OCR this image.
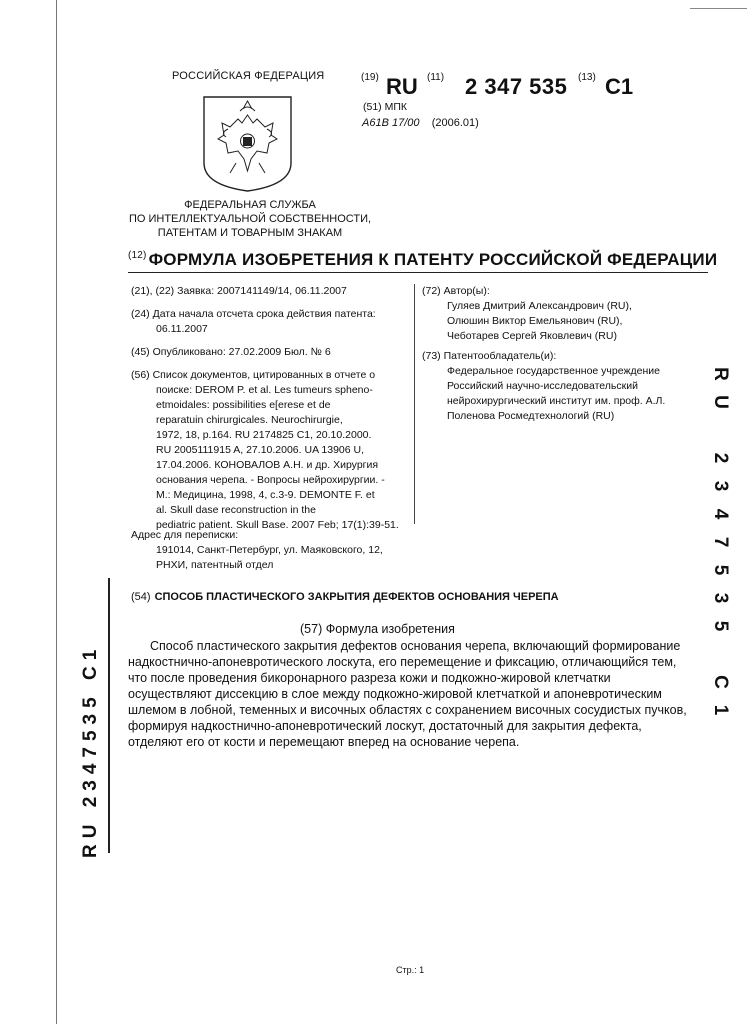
РОССИЙСКАЯ ФЕДЕРАЦИЯ	(19) RU (11) 2 347 535 (13) C1
(51) МПК
A61B 17/00 (2006.01)
ФЕДЕРАЛЬНАЯ СЛУЖБА
ПО ИНТЕЛЛЕКТУАЛЬНОЙ СОБСТВЕННОСТИ,
ПАТЕНТАМ И ТОВАРНЫМ ЗНАКАМ
$^{(12)}$ ФОРМУЛА ИЗОБРЕТЕНИЯ К ПАТЕНТУ РОССИЙСКОЙ ФЕДЕРАЦИИ
(21), (22) Заявка: 2007141149/14, 06.11.2007
(24) Дата начала отсчета срока действия патента:
06.11.2007
(45) Опубликовано: 27.02.2009 Бюл. № 6
(56) Список документов, цитированных в отчете о
поиске: DEROM P. et al. Les tumeurs spheno-
etmoidales: possibilities e[erese et de
reparatuin chirurgicales. Neurochirurgie,
1972, 18, p.164. RU 2174825 C1, 20.10.2000.
RU 2005111915 A, 27.10.2006. UA 13906 U,
17.04.2006. КОНОВАЛОВ А.Н. и др. Хирургия
основания черепа. - Вопросы нейрохирургии. -
М.: Медицина, 1998, 4, с.3-9. DEMONTE F. et
al. Skull dase reconstruction in the
pediatric patient. Skull Base. 2007 Feb; 17(1):39-51.
Адрес для переписки:
191014, Санкт-Петербург, ул. Маяковского, 12,
РНХИ, патентный отдел
(72) Автор(ы):
Гуляев Дмитрий Александрович (RU),
Олюшин Виктор Емельянович (RU),
Чеботарев Сергей Яковлевич (RU)
(73) Патентообладатель(и):
Федеральное государственное учреждение
Российский научно-исследовательский
нейрохирургический институт им. проф. А.Л.
Поленова Росмедтехнологий (RU)
(54) СПОСОБ ПЛАСТИЧЕСКОГО ЗАКРЫТИЯ ДЕФЕКТОВ ОСНОВАНИЯ ЧЕРЕПА
(57) Формула изобретения
Способ пластического закрытия дефектов основания черепа, включающий формирование надкостнично-апоневротического лоскута, его перемещение и фиксацию, отличающийся тем, что после проведения бикоронарного разреза кожи и подкожно-жировой клетчатки осуществляют диссекцию в слое между подкожно-жировой клетчаткой и апоневротическим шлемом в лобной, теменных и височных областях с сохранением височных сосудистых пучков, формируя надкостнично-апоневротический лоскут, достаточный для закрытия дефекта, отделяют его от кости и перемещают вперед на основание черепа.
R
U

2
3
4
7
5
3
5

C
1
RU 2347535 C1
Стр.: 1
